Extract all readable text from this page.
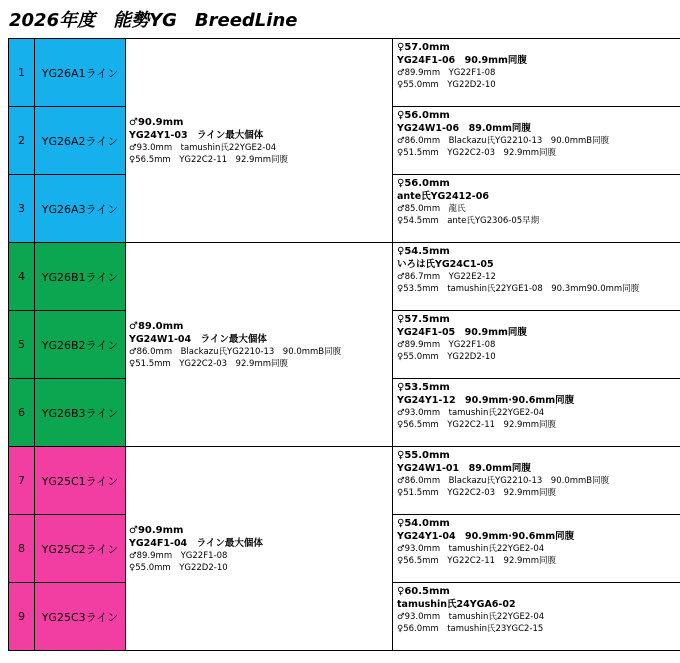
2026年度　能勢YG　BreedLine
1	YG26A1ライン	♂90.9mm
YG24Y1-03　ライン最大個体
♂93.0mm　tamushin氏22YGE2-04
♀56.5mm　YG22C2-11　92.9mm同腹	♀57.0mm
YG24F1-06　90.9mm同腹
♂89.9mm　YG22F1-08
♀55.0mm　YG22D2-10

2	YG26A2ライン		♀56.0mm
YG24W1-06　89.0mm同腹
♂86.0mm　Blackazu氏YG2210-13　90.0mmB同腹
♀51.5mm　YG22C2-03　92.9mm同腹

3	YG26A3ライン		♀56.0mm
ante氏YG2412-06
♂85.0mm　龍氏
♀54.5mm　ante氏YG2306-05早期

4	YG26B1ライン	♂89.0mm
YG24W1-04　ライン最大個体
♂86.0mm　Blackazu氏YG2210-13　90.0mmB同腹
♀51.5mm　YG22C2-03　92.9mm同腹	♀54.5mm
いろは氏YG24C1-05
♂86.7mm　YG22E2-12
♀53.5mm　tamushin氏22YGE1-08　90.3mm90.0mm同腹

5	YG26B2ライン		♀57.5mm
YG24F1-05　90.9mm同腹
♂89.9mm　YG22F1-08
♀55.0mm　YG22D2-10

6	YG26B3ライン		♀53.5mm
YG24Y1-12　90.9mm·90.6mm同腹
♂93.0mm　tamushin氏22YGE2-04
♀56.5mm　YG22C2-11　92.9mm同腹

7	YG25C1ライン	♂90.9mm
YG24F1-04　ライン最大個体
♂89.9mm　YG22F1-08
♀55.0mm　YG22D2-10	♀55.0mm
YG24W1-01　89.0mm同腹
♂86.0mm　Blackazu氏YG2210-13　90.0mmB同腹
♀51.5mm　YG22C2-03　92.9mm同腹

8	YG25C2ライン		♀54.0mm
YG24Y1-04　90.9mm·90.6mm同腹
♂93.0mm　tamushin氏22YGE2-04
♀56.5mm　YG22C2-11　92.9mm同腹

9	YG25C3ライン		♀60.5mm
tamushin氏24YGA6-02
♂93.0mm　tamushin氏22YGE2-04
♀56.0mm　tamushin氏23YGC2-15
